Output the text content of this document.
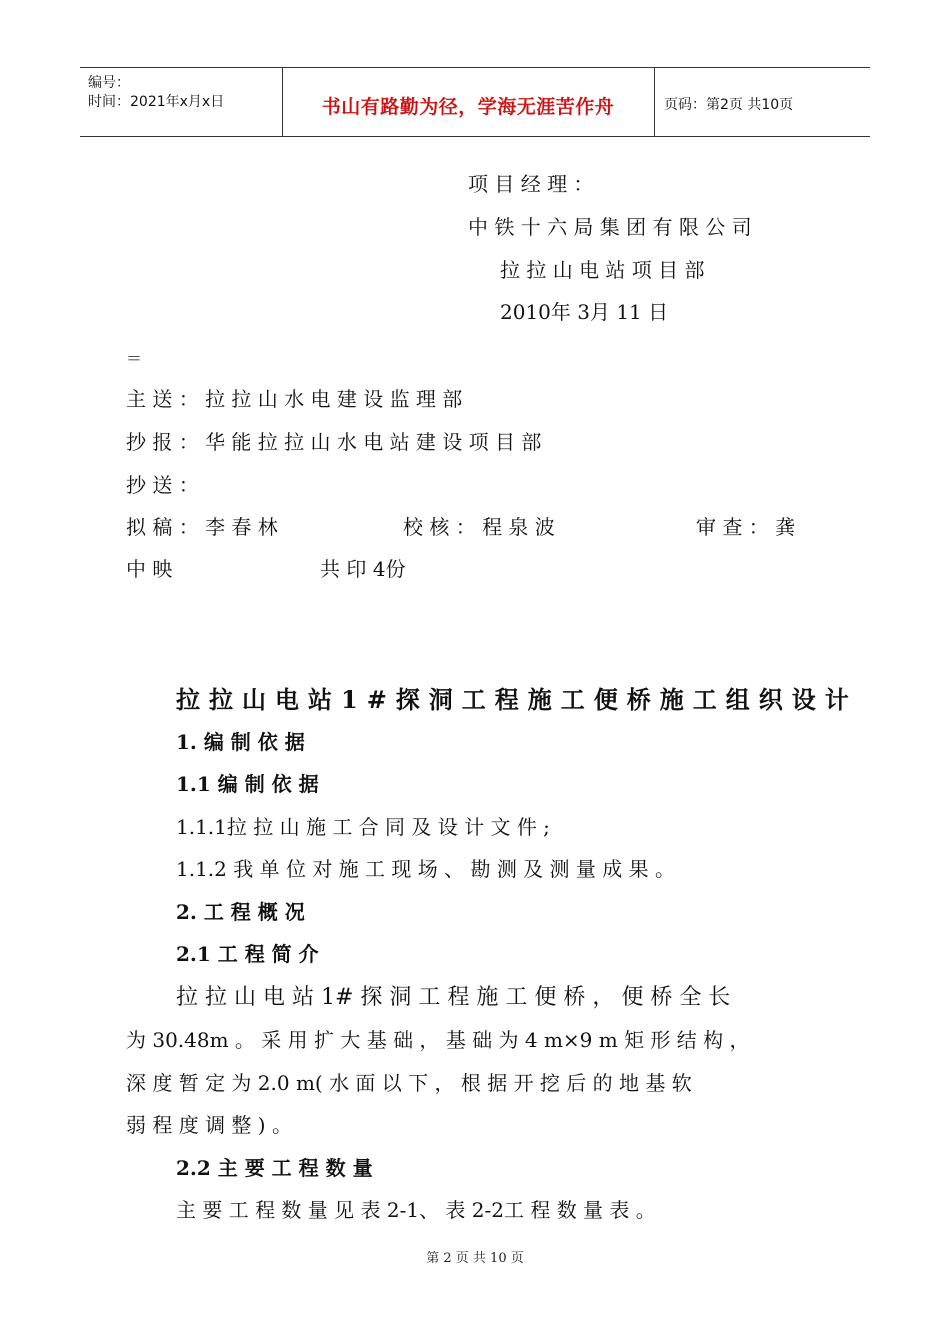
编号：
时间：2021年x月x日	书山有路勤为径，学海无涯苦作舟	页码：第2页 共10页
项 目 经 理 ：
中 铁 十 六 局 集 团 有 限 公 司
拉 拉 山 电 站 项 目 部
2010年 3月 11 日
＝
主 送 ： 拉 拉 山 水 电 建 设 监 理 部
抄 报 ： 华 能 拉 拉 山 水 电 站 建 设 项 目 部
抄 送 ：
拟 稿 ： 李 春 林	校 核 ： 程 泉 波	审 查 ： 龚
中 映	共 印 4份
拉拉山电站1#探洞工程施工便桥施工组织设计
1. 编 制 依 据
1.1 编 制 依 据
1.1.1拉 拉 山 施 工 合 同 及 设 计 文 件 ;
1.1.2 我 单 位 对 施 工 现 场 、 勘 测 及 测 量 成 果 。
2. 工 程 概 况
2.1 工 程 简 介
拉 拉 山 电 站 1# 探 洞 工 程 施 工 便 桥 ， 便 桥 全 长
为 30.48m 。 采 用 扩 大 基 础 ， 基 础 为 4 m×9 m 矩 形 结 构 ，
深 度 暂 定 为 2.0 m( 水 面 以 下 ， 根 据 开 挖 后 的 地 基 软
弱 程 度 调 整 ) 。
2.2 主 要 工 程 数 量
主 要 工 程 数 量 见 表 2-1、 表 2-2工 程 数 量 表 。
第 2 页 共 10 页
